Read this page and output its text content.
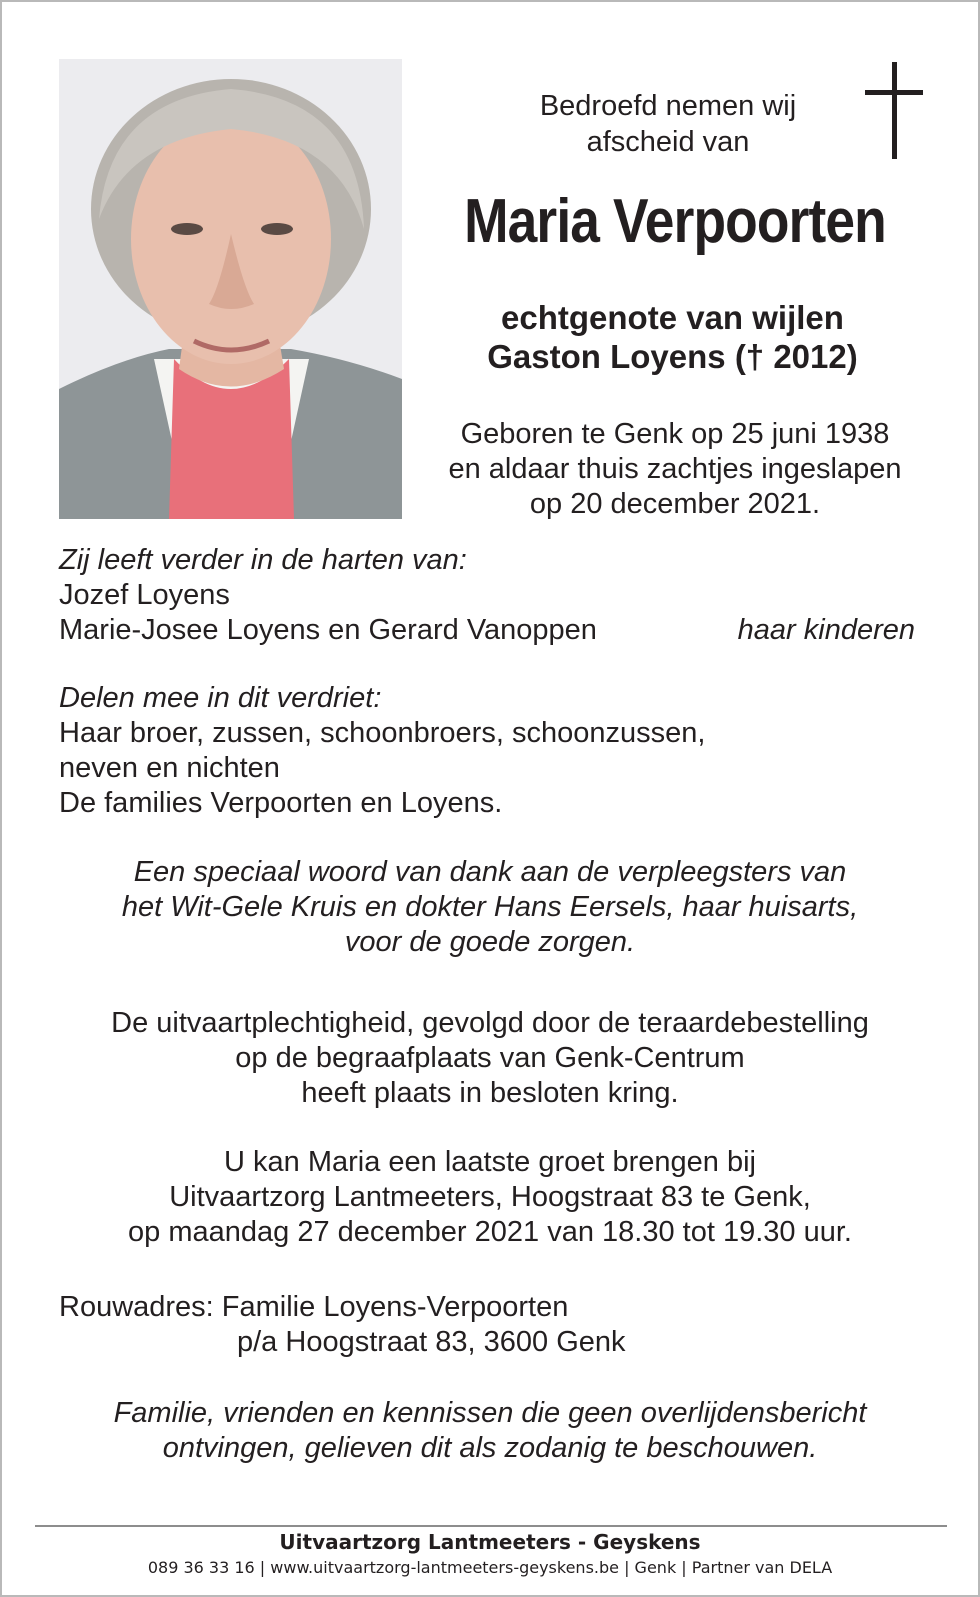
Bedroefd nemen wij
afscheid van
Maria Verpoorten
echtgenote van wijlen
Gaston Loyens († 2012)
Geboren te Genk op 25 juni 1938
en aldaar thuis zachtjes ingeslapen
op 20 december 2021.
Zij leeft verder in de harten van:
Jozef Loyens
Marie-Josee Loyens en Gerard Vanoppen	haar kinderen
Delen mee in dit verdriet:
Haar broer, zussen, schoonbroers, schoonzussen,
neven en nichten
De families Verpoorten en Loyens.
Een speciaal woord van dank aan de verpleegsters van
het Wit-Gele Kruis en dokter Hans Eersels, haar huisarts,
voor de goede zorgen.
De uitvaartplechtigheid, gevolgd door de teraardebestelling
op de begraafplaats van Genk-Centrum
heeft plaats in besloten kring.
U kan Maria een laatste groet brengen bij
Uitvaartzorg Lantmeeters, Hoogstraat 83 te Genk,
op maandag 27 december 2021 van 18.30 tot 19.30 uur.
Rouwadres: Familie Loyens-Verpoorten
p/a Hoogstraat 83, 3600 Genk
Familie, vrienden en kennissen die geen overlijdensbericht
ontvingen, gelieven dit als zodanig te beschouwen.
Uitvaartzorg Lantmeeters - Geyskens
089 36 33 16 | www.uitvaartzorg-lantmeeters-geyskens.be | Genk | Partner van DELA
